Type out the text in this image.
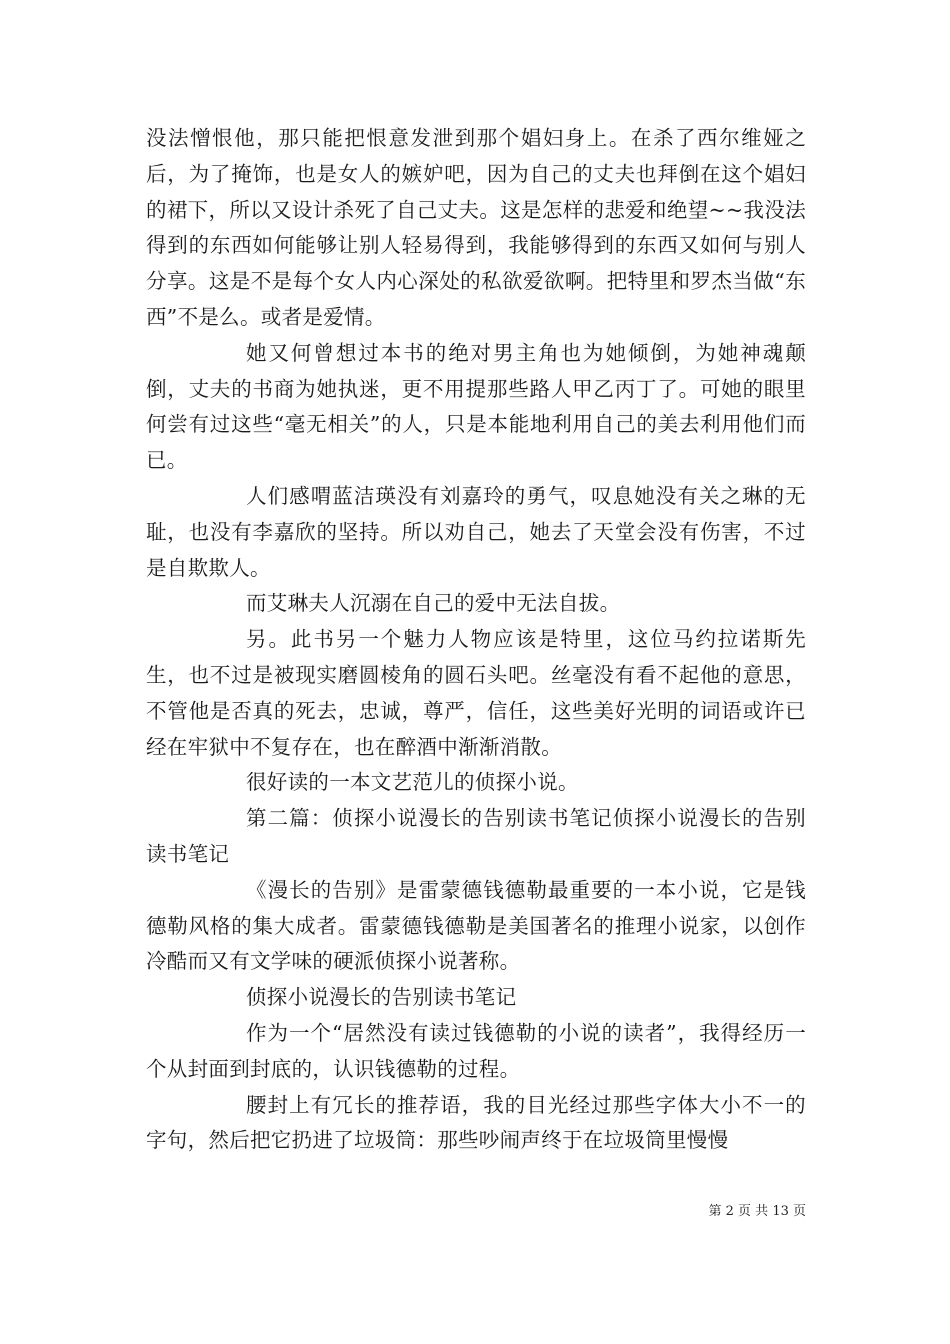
没法憎恨他，那只能把恨意发泄到那个娼妇身上。在杀了西尔维娅之后，为了掩饰，也是女人的嫉妒吧，因为自己的丈夫也拜倒在这个娼妇的裙下，所以又设计杀死了自己丈夫。这是怎样的悲爱和绝望~~我没法得到的东西如何能够让别人轻易得到，我能够得到的东西又如何与别人分享。这是不是每个女人内心深处的私欲爱欲啊。把特里和罗杰当做“东西”不是么。或者是爱情。

她又何曾想过本书的绝对男主角也为她倾倒，为她神魂颠倒，丈夫的书商为她执迷，更不用提那些路人甲乙丙丁了。可她的眼里何尝有过这些“毫无相关”的人，只是本能地利用自己的美去利用他们而已。

人们感喟蓝洁瑛没有刘嘉玲的勇气，叹息她没有关之琳的无耻，也没有李嘉欣的坚持。所以劝自己，她去了天堂会没有伤害，不过是自欺欺人。

而艾琳夫人沉溺在自己的爱中无法自拔。

另。此书另一个魅力人物应该是特里，这位马约拉诺斯先生，也不过是被现实磨圆棱角的圆石头吧。丝毫没有看不起他的意思，不管他是否真的死去，忠诚，尊严，信任，这些美好光明的词语或许已经在牢狱中不复存在，也在醉酒中渐渐消散。

很好读的一本文艺范儿的侦探小说。

第二篇：侦探小说漫长的告别读书笔记侦探小说漫长的告别读书笔记

《漫长的告别》是雷蒙德钱德勒最重要的一本小说，它是钱德勒风格的集大成者。雷蒙德钱德勒是美国著名的推理小说家，以创作冷酷而又有文学味的硬派侦探小说著称。

侦探小说漫长的告别读书笔记

作为一个“居然没有读过钱德勒的小说的读者”，我得经历一个从封面到封底的，认识钱德勒的过程。

腰封上有冗长的推荐语，我的目光经过那些字体大小不一的字句，然后把它扔进了垃圾筒：那些吵闹声终于在垃圾筒里慢慢

第 2 页 共 13 页
